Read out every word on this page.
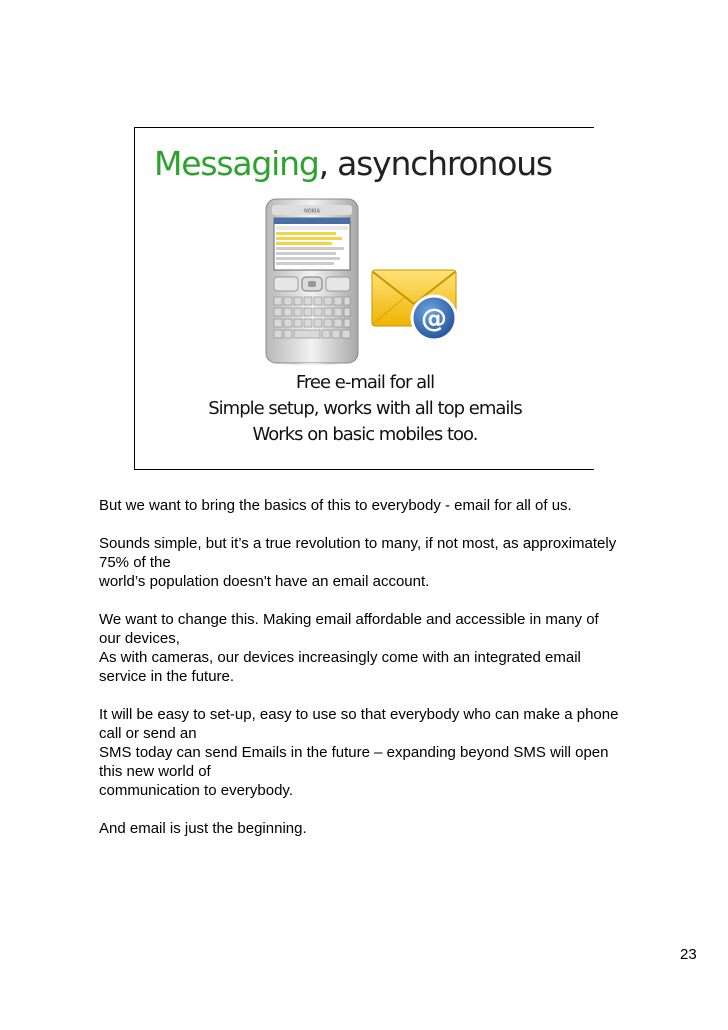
Messaging, asynchronous
NOKIA
@
Free e-mail for all
Simple setup, works with all top emails
Works on basic mobiles too.

But we want to bring the basics of this to everybody - email for all of us.

Sounds simple, but it’s a true revolution to many, if not most, as approximately
75% of the
world’s population doesn't have an email account.

We want to change this. Making email affordable and accessible in many of
our devices,
As with cameras, our devices increasingly come with an integrated email
service in the future.

It will be easy to set-up, easy to use so that everybody who can make a phone
call or send an
SMS today can send Emails in the future – expanding beyond SMS will open
this new world of
communication to everybody.

And email is just the beginning.

23
